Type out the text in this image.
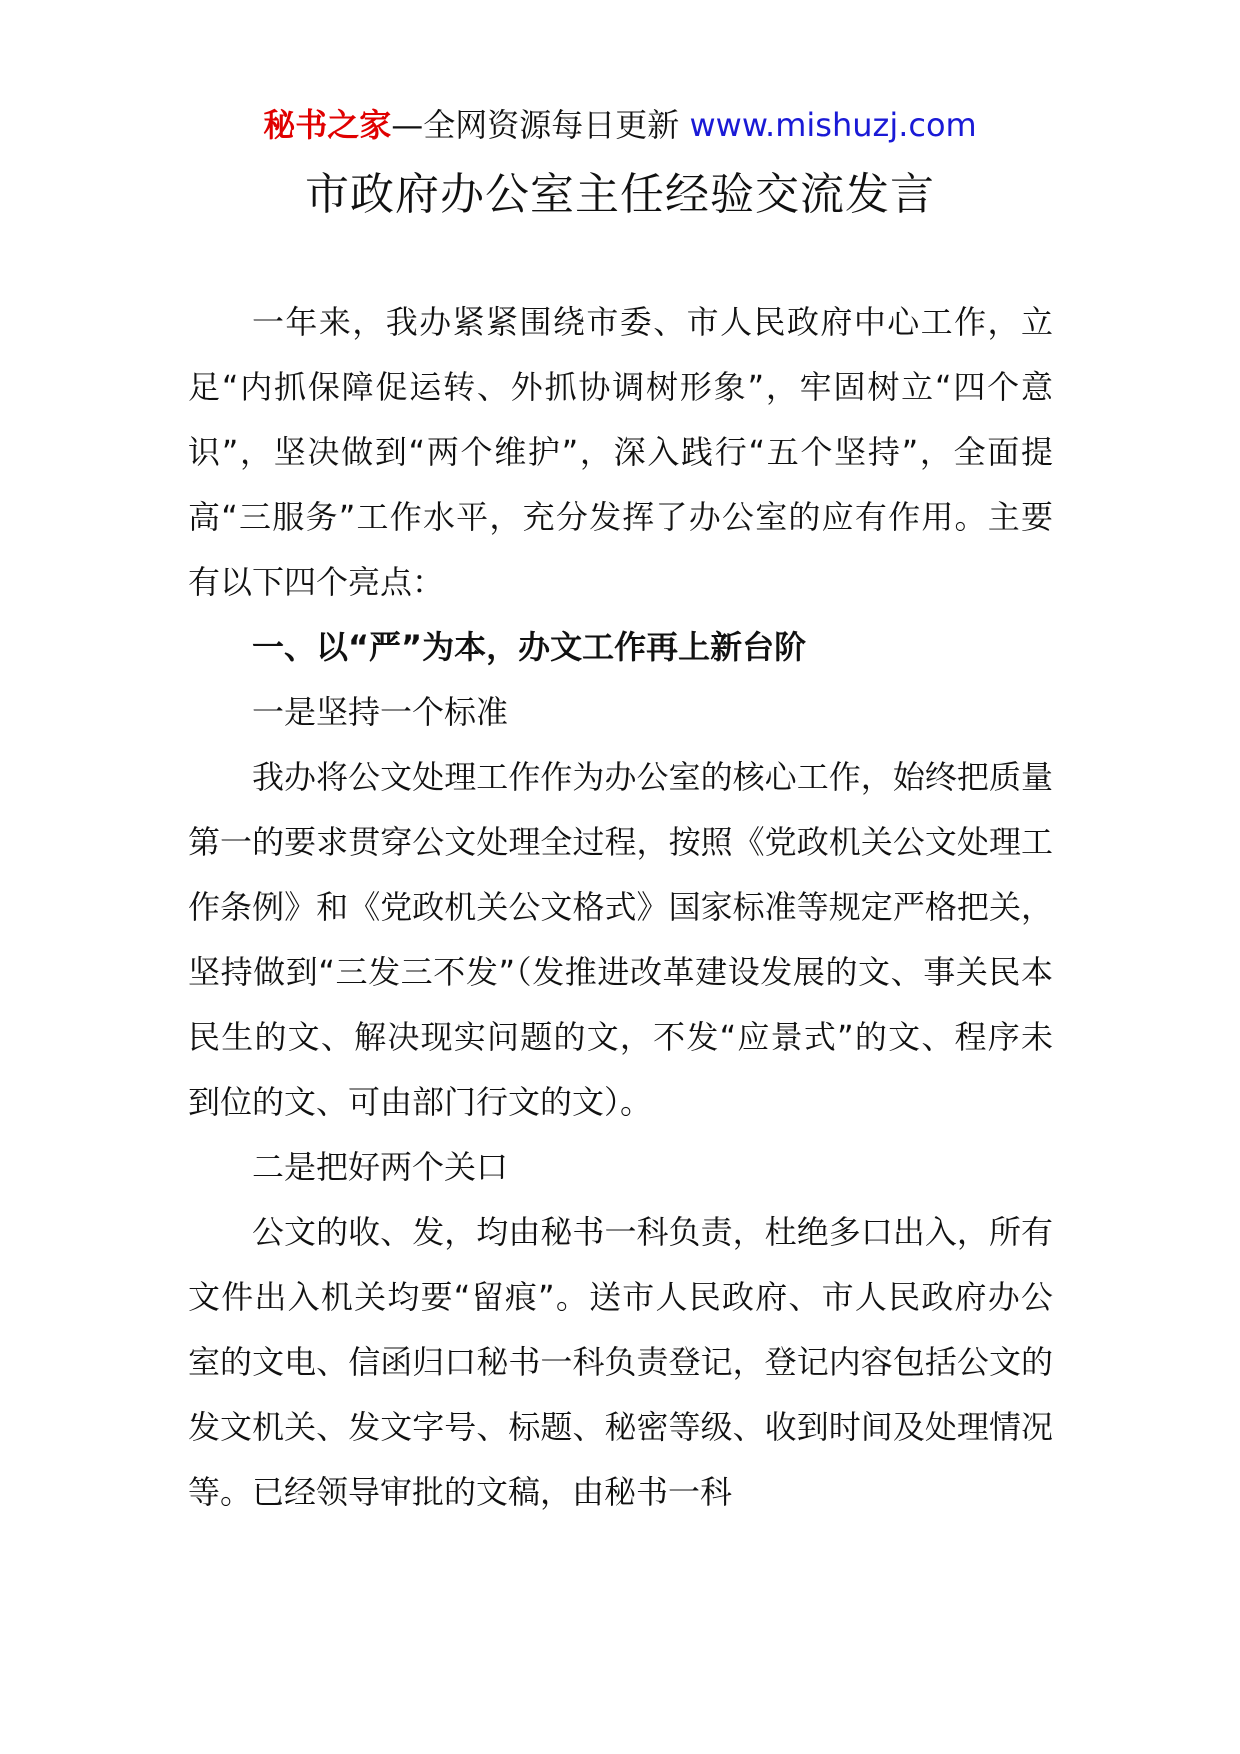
秘书之家—全网资源每日更新 www.mishuzj.com
市政府办公室主任经验交流发言

一年来，我办紧紧围绕市委、市人民政府中心工作，立足“内抓保障促运转、外抓协调树形象”，牢固树立“四个意识”，坚决做到“两个维护”，深入践行“五个坚持”，全面提高“三服务”工作水平，充分发挥了办公室的应有作用。主要有以下四个亮点：

一、以“严”为本，办文工作再上新台阶

一是坚持一个标准

我办将公文处理工作作为办公室的核心工作，始终把质量第一的要求贯穿公文处理全过程，按照《党政机关公文处理工作条例》和《党政机关公文格式》国家标准等规定严格把关，坚持做到“三发三不发”（发推进改革建设发展的文、事关民本民生的文、解决现实问题的文，不发“应景式”的文、程序未到位的文、可由部门行文的文）。

二是把好两个关口

公文的收、发，均由秘书一科负责，杜绝多口出入，所有文件出入机关均要“留痕”。送市人民政府、市人民政府办公室的文电、信函归口秘书一科负责登记，登记内容包括公文的发文机关、发文字号、标题、秘密等级、收到时间及处理情况等。已经领导审批的文稿，由秘书一科
